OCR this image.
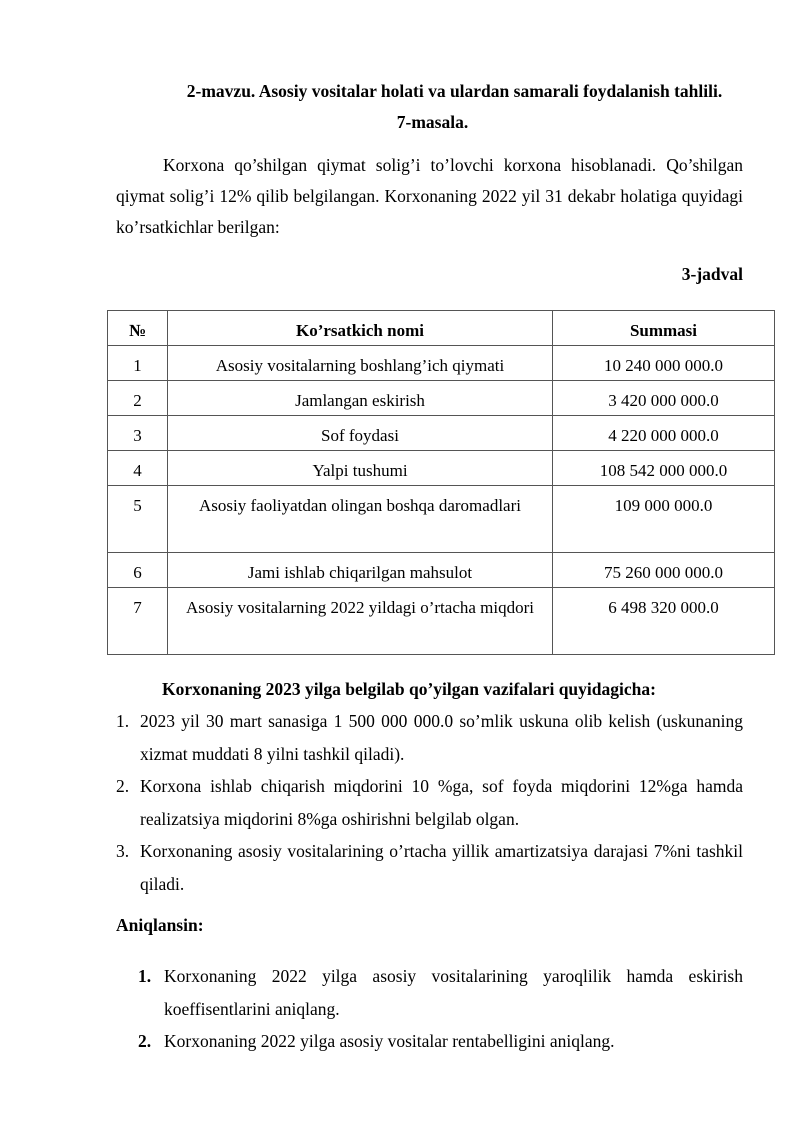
2-mavzu. Asosiy vositalar holati va ulardan samarali foydalanish tahlili.
7-masala.
Korxona qo’shilgan qiymat solig’i to’lovchi korxona hisoblanadi. Qo’shilgan qiymat solig’i 12% qilib belgilangan. Korxonaning 2022 yil 31 dekabr holatiga quyidagi ko’rsatkichlar berilgan:
3-jadval
№	Ko’rsatkich nomi	Summasi
1	Asosiy vositalarning boshlang’ich qiymati	10 240 000 000.0
2	Jamlangan eskirish	3 420 000 000.0
3	Sof foydasi	4 220 000 000.0
4	Yalpi tushumi	108 542 000 000.0
5	Asosiy faoliyatdan olingan boshqa daromadlari	109 000 000.0
6	Jami ishlab chiqarilgan mahsulot	75 260 000 000.0
7	Asosiy vositalarning 2022 yildagi o’rtacha miqdori	6 498 320 000.0
Korxonaning 2023 yilga belgilab qo’yilgan vazifalari quyidagicha:
1. 2023 yil 30 mart sanasiga 1 500 000 000.0 so’mlik uskuna olib kelish (uskunaning xizmat muddati 8 yilni tashkil qiladi).
2. Korxona ishlab chiqarish miqdorini 10 %ga, sof foyda miqdorini 12%ga hamda realizatsiya miqdorini 8%ga oshirishni belgilab olgan.
3. Korxonaning asosiy vositalarining o’rtacha yillik amartizatsiya darajasi 7%ni tashkil qiladi.
Aniqlansin:
1. Korxonaning 2022 yilga asosiy vositalarining yaroqlilik hamda eskirish koeffisentlarini aniqlang.
2. Korxonaning 2022 yilga asosiy vositalar rentabelligini aniqlang.
